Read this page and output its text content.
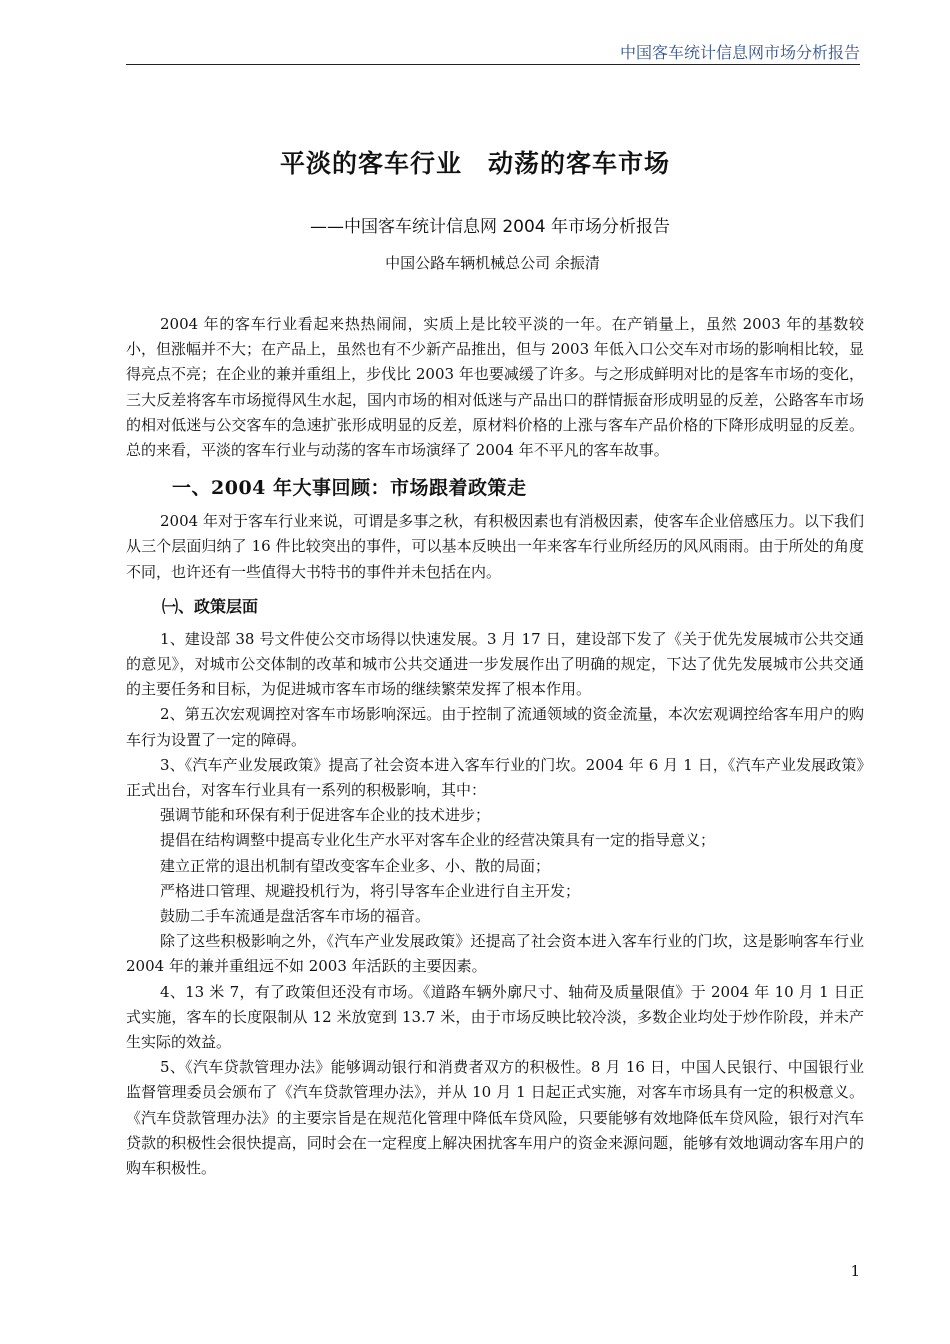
中国客车统计信息网市场分析报告
平淡的客车行业　动荡的客车市场
——中国客车统计信息网 2004 年市场分析报告
中国公路车辆机械总公司 余振清

2004 年的客车行业看起来热热闹闹，实质上是比较平淡的一年。在产销量上，虽然 2003 年的基数较小，但涨幅并不大；在产品上，虽然也有不少新产品推出，但与 2003 年低入口公交车对市场的影响相比较，显得亮点不亮；在企业的兼并重组上，步伐比 2003 年也要减缓了许多。与之形成鲜明对比的是客车市场的变化，三大反差将客车市场搅得风生水起，国内市场的相对低迷与产品出口的群情振奋形成明显的反差，公路客车市场的相对低迷与公交客车的急速扩张形成明显的反差，原材料价格的上涨与客车产品价格的下降形成明显的反差。总的来看，平淡的客车行业与动荡的客车市场演绎了 2004 年不平凡的客车故事。

一、2004 年大事回顾：市场跟着政策走

2004 年对于客车行业来说，可谓是多事之秋，有积极因素也有消极因素，使客车企业倍感压力。以下我们从三个层面归纳了 16 件比较突出的事件，可以基本反映出一年来客车行业所经历的风风雨雨。由于所处的角度不同，也许还有一些值得大书特书的事件并未包括在内。

㈠、政策层面

1、建设部 38 号文件使公交市场得以快速发展。3 月 17 日，建设部下发了《关于优先发展城市公共交通的意见》，对城市公交体制的改革和城市公共交通进一步发展作出了明确的规定，下达了优先发展城市公共交通的主要任务和目标，为促进城市客车市场的继续繁荣发挥了根本作用。

2、第五次宏观调控对客车市场影响深远。由于控制了流通领域的资金流量，本次宏观调控给客车用户的购车行为设置了一定的障碍。

3、《汽车产业发展政策》提高了社会资本进入客车行业的门坎。2004 年 6 月 1 日，《汽车产业发展政策》正式出台，对客车行业具有一系列的积极影响，其中：

强调节能和环保有利于促进客车企业的技术进步；

提倡在结构调整中提高专业化生产水平对客车企业的经营决策具有一定的指导意义；

建立正常的退出机制有望改变客车企业多、小、散的局面；

严格进口管理、规避投机行为，将引导客车企业进行自主开发；

鼓励二手车流通是盘活客车市场的福音。

除了这些积极影响之外，《汽车产业发展政策》还提高了社会资本进入客车行业的门坎，这是影响客车行业 2004 年的兼并重组远不如 2003 年活跃的主要因素。

4、13 米 7，有了政策但还没有市场。《道路车辆外廓尺寸、轴荷及质量限值》于 2004 年 10 月 1 日正式实施，客车的长度限制从 12 米放宽到 13.7 米，由于市场反映比较冷淡，多数企业均处于炒作阶段，并未产生实际的效益。

5、《汽车贷款管理办法》能够调动银行和消费者双方的积极性。8 月 16 日，中国人民银行、中国银行业监督管理委员会颁布了《汽车贷款管理办法》，并从 10 月 1 日起正式实施，对客车市场具有一定的积极意义。《汽车贷款管理办法》的主要宗旨是在规范化管理中降低车贷风险，只要能够有效地降低车贷风险，银行对汽车贷款的积极性会很快提高，同时会在一定程度上解决困扰客车用户的资金来源问题，能够有效地调动客车用户的购车积极性。

1
